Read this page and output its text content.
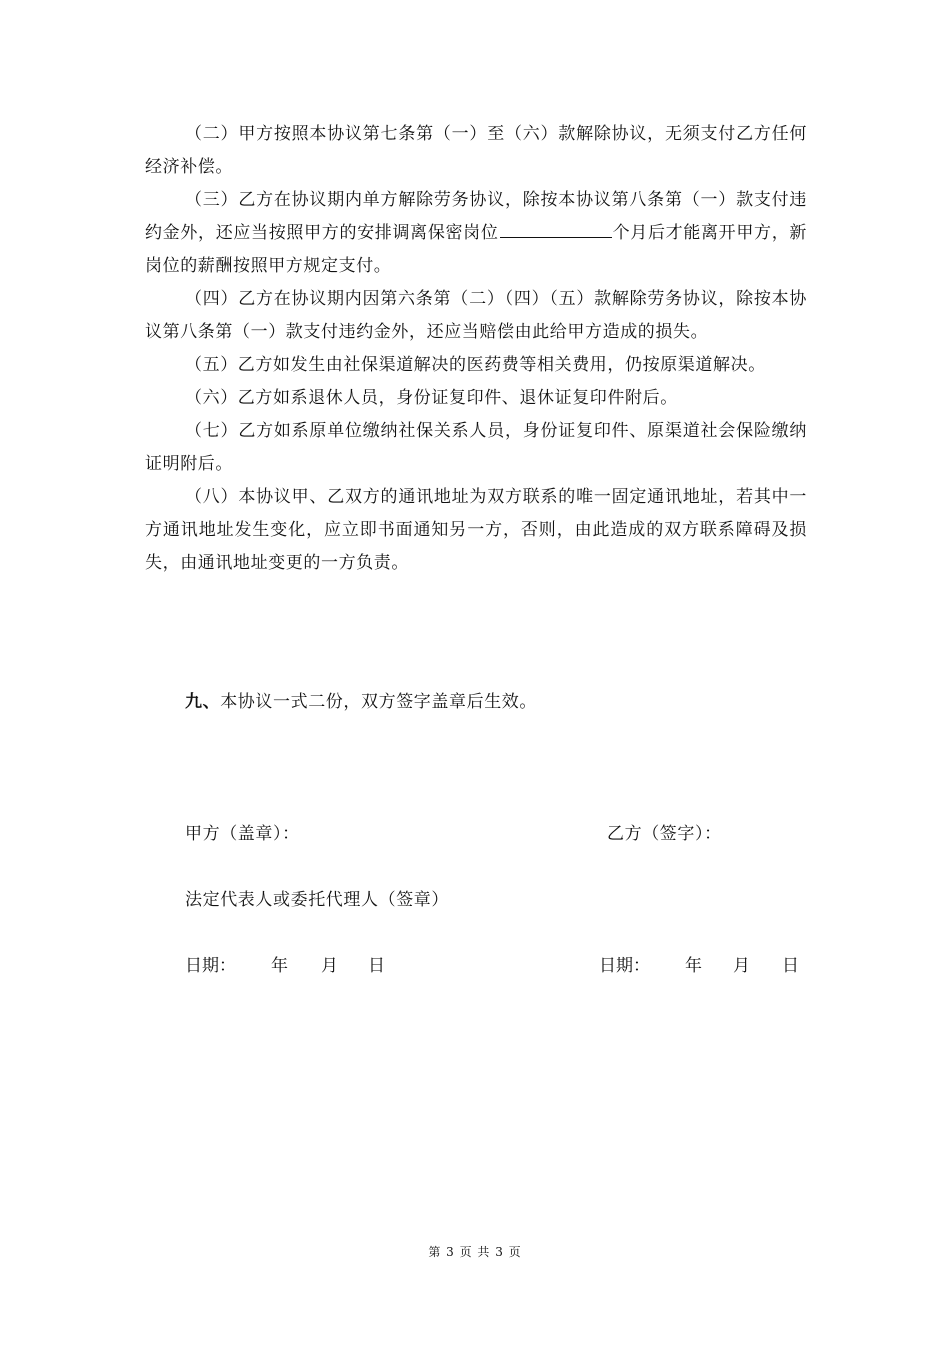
（二）甲方按照本协议第七条第（一）至（六）款解除协议，无须支付乙方任何经济补偿。

（三）乙方在协议期内单方解除劳务协议，除按本协议第八条第（一）款支付违约金外，还应当按照甲方的安排调离保密岗位	个月后才能离开甲方，新岗位的薪酬按照甲方规定支付。

（四）乙方在协议期内因第六条第（二）（四）（五）款解除劳务协议，除按本协议第八条第（一）款支付违约金外，还应当赔偿由此给甲方造成的损失。

（五）乙方如发生由社保渠道解决的医药费等相关费用，仍按原渠道解决。

（六）乙方如系退休人员，身份证复印件、退休证复印件附后。

（七）乙方如系原单位缴纳社保关系人员，身份证复印件、原渠道社会保险缴纳证明附后。

（八）本协议甲、乙双方的通讯地址为双方联系的唯一固定通讯地址，若其中一方通讯地址发生变化，应立即书面通知另一方，否则，由此造成的双方联系障碍及损失，由通讯地址变更的一方负责。

九、本协议一式二份，双方签字盖章后生效。

甲方（盖章）：	乙方（签字）：

法定代表人或委托代理人（签章）

日期： 年 月 日	日期： 年 月 日

第 3 页 共 3 页
